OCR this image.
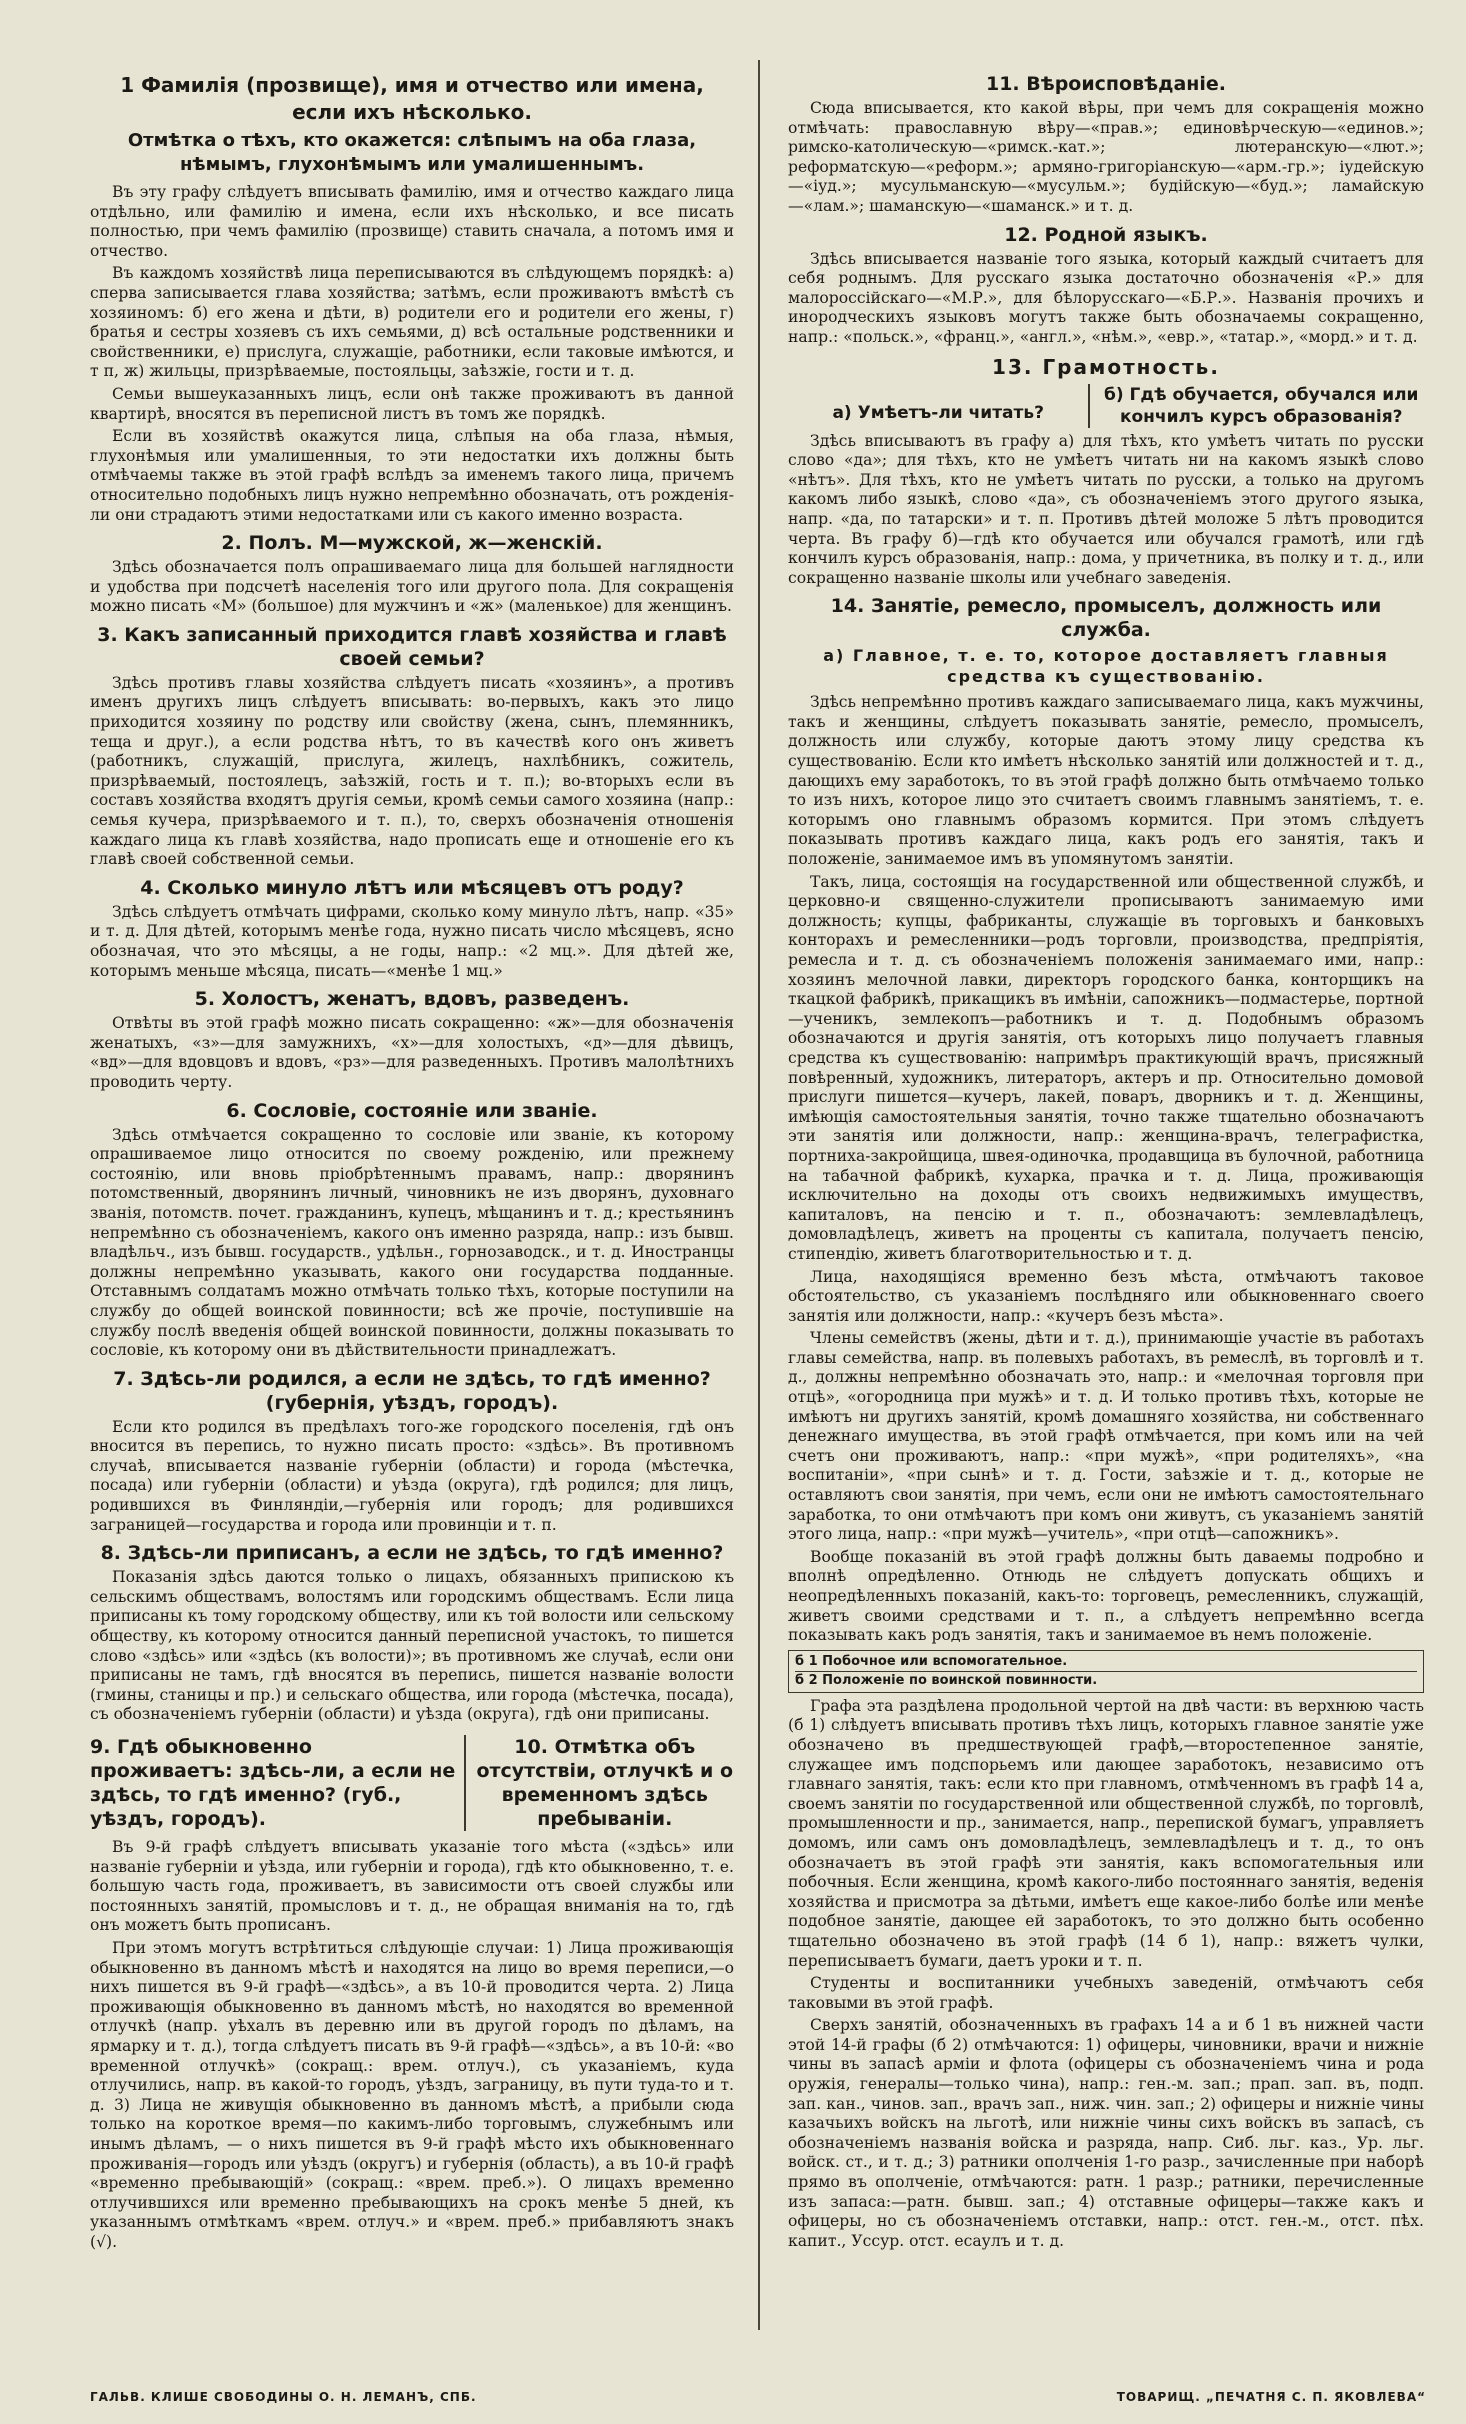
1 Фамилія (прозвище), имя и отчество или имена, если ихъ нѣсколько.
Отмѣтка о тѣхъ, кто окажется: слѣпымъ на оба глаза, нѣмымъ, глухонѣмымъ или умалишеннымъ.

Въ эту графу слѣдуетъ вписывать фамилію, имя и отчество каждаго лица отдѣльно, или фамилію и имена, если ихъ нѣсколько, и все писать полностью, при чемъ фамилію (прозвище) ставить сначала, а потомъ имя и отчество.

Въ каждомъ хозяйствѣ лица переписываются въ слѣдующемъ порядкѣ: а) сперва записывается глава хозяйства; затѣмъ, если проживаютъ вмѣстѣ съ хозяиномъ: б) его жена и дѣти, в) родители его и родители его жены, г) братья и сестры хозяевъ съ ихъ семьями, д) всѣ остальные родственники и свойственники, е) прислуга, служащіе, работники, если таковые имѣются, и т п, ж) жильцы, призрѣваемые, постояльцы, заѣзжіе, гости и т. д.

Семьи вышеуказанныхъ лицъ, если онѣ также проживаютъ въ данной квартирѣ, вносятся въ переписной листъ въ томъ же порядкѣ.

Если въ хозяйствѣ окажутся лица, слѣпыя на оба глаза, нѣмыя, глухонѣмыя или умалишенныя, то эти недостатки ихъ должны быть отмѣчаемы также въ этой графѣ вслѣдъ за именемъ такого лица, причемъ относительно подобныхъ лицъ нужно непремѣнно обозначать, отъ рожденія-ли они страдаютъ этими недостатками или съ какого именно возраста.

2. Полъ. М—мужской, ж—женскій.

Здѣсь обозначается полъ опрашиваемаго лица для большей наглядности и удобства при подсчетѣ населенія того или другого пола. Для сокращенія можно писать «М» (большое) для мужчинъ и «ж» (маленькое) для женщинъ.

3. Какъ записанный приходится главѣ хозяйства и главѣ своей семьи?

Здѣсь противъ главы хозяйства слѣдуетъ писать «хозяинъ», а противъ именъ другихъ лицъ слѣдуетъ вписывать: во-первыхъ, какъ это лицо приходится хозяину по родству или свойству (жена, сынъ, племянникъ, теща и друг.), а если родства нѣтъ, то въ качествѣ кого онъ живетъ (работникъ, служащій, прислуга, жилецъ, нахлѣбникъ, сожитель, призрѣваемый, постоялецъ, заѣзжій, гость и т. п.); во-вторыхъ если въ составъ хозяйства входятъ другія семьи, кромѣ семьи самого хозяина (напр.: семья кучера, призрѣваемого и т. п.), то, сверхъ обозначенія отношенія каждаго лица къ главѣ хозяйства, надо прописать еще и отношеніе его къ главѣ своей собственной семьи.

4. Сколько минуло лѣтъ или мѣсяцевъ отъ роду?

Здѣсь слѣдуетъ отмѣчать цифрами, сколько кому минуло лѣтъ, напр. «35» и т. д. Для дѣтей, которымъ менѣе года, нужно писать число мѣсяцевъ, ясно обозначая, что это мѣсяцы, а не годы, напр.: «2 мц.». Для дѣтей же, которымъ меньше мѣсяца, писать—«менѣе 1 мц.»

5. Холостъ, женатъ, вдовъ, разведенъ.

Отвѣты въ этой графѣ можно писать сокращенно: «ж»—для обозначенія женатыхъ, «з»—для замужнихъ, «х»—для холостыхъ, «д»—для дѣвицъ, «вд»—для вдовцовъ и вдовъ, «рз»—для разведенныхъ. Противъ малолѣтнихъ проводить черту.

6. Сословіе, состояніе или званіе.

Здѣсь отмѣчается сокращенно то сословіе или званіе, къ которому опрашиваемое лицо относится по своему рожденію, или прежнему состоянію, или вновь пріобрѣтеннымъ правамъ, напр.: дворянинъ потомственный, дворянинъ личный, чиновникъ не изъ дворянъ, духовнаго званія, потомств. почет. гражданинъ, купецъ, мѣщанинъ и т. д.; крестьянинъ непремѣнно съ обозначеніемъ, какого онъ именно разряда, напр.: изъ бывш. владѣльч., изъ бывш. государств., удѣльн., горнозаводск., и т. д. Иностранцы должны непремѣнно указывать, какого они государства подданные. Отставнымъ солдатамъ можно отмѣчать только тѣхъ, которые поступили на службу до общей воинской повинности; всѣ же прочіе, поступившіе на службу послѣ введенія общей воинской повинности, должны показывать то сословіе, къ которому они въ дѣйствительности принадлежатъ.

7. Здѣсь-ли родился, а если не здѣсь, то гдѣ именно? (губернія, уѣздъ, городъ).

Если кто родился въ предѣлахъ того-же городского поселенія, гдѣ онъ вносится въ перепись, то нужно писать просто: «здѣсь». Въ противномъ случаѣ, вписывается названіе губерніи (области) и города (мѣстечка, посада) или губерніи (области) и уѣзда (округа), гдѣ родился; для лицъ, родившихся въ Финляндіи,—губернія или городъ; для родившихся заграницей—государства и города или провинціи и т. п.

8. Здѣсь-ли приписанъ, а если не здѣсь, то гдѣ именно?

Показанія здѣсь даются только о лицахъ, обязанныхъ припискою къ сельскимъ обществамъ, волостямъ или городскимъ обществамъ. Если лица приписаны къ тому городскому обществу, или къ той волости или сельскому обществу, къ которому относится данный переписной участокъ, то пишется слово «здѣсь» или «здѣсь (къ волости)»; въ противномъ же случаѣ, если они приписаны не тамъ, гдѣ вносятся въ перепись, пишется названіе волости (гмины, станицы и пр.) и сельскаго общества, или города (мѣстечка, посада), съ обозначеніемъ губерніи (области) и уѣзда (округа), гдѣ они приписаны.

9. Гдѣ обыкновенно проживаетъ: здѣсь-ли, а если не здѣсь, то гдѣ именно? (губ., уѣздъ, городъ).
10. Отмѣтка объ отсутствіи, отлучкѣ и о временномъ здѣсь пребываніи.

Въ 9-й графѣ слѣдуетъ вписывать указаніе того мѣста («здѣсь» или названіе губерніи и уѣзда, или губерніи и города), гдѣ кто обыкновенно, т. е. большую часть года, проживаетъ, въ зависимости отъ своей службы или постоянныхъ занятій, промысловъ и т. д., не обращая вниманія на то, гдѣ онъ можетъ быть прописанъ.

При этомъ могутъ встрѣтиться слѣдующіе случаи: 1) Лица проживающія обыкновенно въ данномъ мѣстѣ и находятся на лицо во время переписи,—о нихъ пишется въ 9-й графѣ—«здѣсь», а въ 10-й проводится черта. 2) Лица проживающія обыкновенно въ данномъ мѣстѣ, но находятся во временной отлучкѣ (напр. уѣхалъ въ деревню или въ другой городъ по дѣламъ, на ярмарку и т. д.), тогда слѣдуетъ писать въ 9-й графѣ—«здѣсь», а въ 10-й: «во временной отлучкѣ» (сокращ.: врем. отлуч.), съ указаніемъ, куда отлучились, напр. въ какой-то городъ, уѣздъ, заграницу, въ пути туда-то и т. д. 3) Лица не живущія обыкновенно въ данномъ мѣстѣ, а прибыли сюда только на короткое время—по какимъ-либо торговымъ, служебнымъ или инымъ дѣламъ, — о нихъ пишется въ 9-й графѣ мѣсто ихъ обыкновеннаго проживанія—городъ или уѣздъ (округъ) и губернія (область), а въ 10-й графѣ «временно пребывающій» (сокращ.: «врем. преб.»). О лицахъ временно отлучившихся или временно пребывающихъ на срокъ менѣе 5 дней, къ указаннымъ отмѣткамъ «врем. отлуч.» и «врем. преб.» прибавляютъ знакъ (√).

11. Вѣроисповѣданіе.

Сюда вписывается, кто какой вѣры, при чемъ для сокращенія можно отмѣчать: православную вѣру—«прав.»; единовѣрческую—«единов.»; римско-католическую—«римск.-кат.»; лютеранскую—«лют.»; реформатскую—«реформ.»; армяно-григоріанскую—«арм.-гр.»; іудейскую—«іуд.»; мусульманскую—«мусульм.»; будійскую—«буд.»; ламайскую—«лам.»; шаманскую—«шаманск.» и т. д.

12. Родной языкъ.

Здѣсь вписывается названіе того языка, который каждый считаетъ для себя роднымъ. Для русскаго языка достаточно обозначенія «Р.» для малороссійскаго—«М.Р.», для бѣлорусскаго—«Б.Р.». Названія прочихъ и инородческихъ языковъ могутъ также быть обозначаемы сокращенно, напр.: «польск.», «франц.», «англ.», «нѣм.», «евр.», «татар.», «морд.» и т. д.

13. Грамотность.
а) Умѣетъ-ли читать?
б) Гдѣ обучается, обучался или кончилъ курсъ образованія?

Здѣсь вписываютъ въ графу а) для тѣхъ, кто умѣетъ читать по русски слово «да»; для тѣхъ, кто не умѣетъ читать ни на какомъ языкѣ слово «нѣтъ». Для тѣхъ, кто не умѣетъ читать по русски, а только на другомъ какомъ либо языкѣ, слово «да», съ обозначеніемъ этого другого языка, напр. «да, по татарски» и т. п. Противъ дѣтей моложе 5 лѣтъ проводится черта. Въ графу б)—гдѣ кто обучается или обучался грамотѣ, или гдѣ кончилъ курсъ образованія, напр.: дома, у причетника, въ полку и т. д., или сокращенно названіе школы или учебнаго заведенія.

14. Занятіе, ремесло, промыселъ, должность или служба.
а) Главное, т. е. то, которое доставляетъ главныя средства къ существованію.

Здѣсь непремѣнно противъ каждаго записываемаго лица, какъ мужчины, такъ и женщины, слѣдуетъ показывать занятіе, ремесло, промыселъ, должность или службу, которые даютъ этому лицу средства къ существованію. Если кто имѣетъ нѣсколько занятій или должностей и т. д., дающихъ ему заработокъ, то въ этой графѣ должно быть отмѣчаемо только то изъ нихъ, которое лицо это считаетъ своимъ главнымъ занятіемъ, т. е. которымъ оно главнымъ образомъ кормится. При этомъ слѣдуетъ показывать противъ каждаго лица, какъ родъ его занятія, такъ и положеніе, занимаемое имъ въ упомянутомъ занятіи.

Такъ, лица, состоящія на государственной или общественной службѣ, и церковно-и священно-служители прописываютъ занимаемую ими должность; купцы, фабриканты, служащіе въ торговыхъ и банковыхъ конторахъ и ремесленники—родъ торговли, производства, предпріятія, ремесла и т. д. съ обозначеніемъ положенія занимаемаго ими, напр.: хозяинъ мелочной лавки, директоръ городского банка, конторщикъ на ткацкой фабрикѣ, прикащикъ въ имѣніи, сапожникъ—подмастерье, портной—ученикъ, землекопъ—работникъ и т. д. Подобнымъ образомъ обозначаются и другія занятія, отъ которыхъ лицо получаетъ главныя средства къ существованію: напримѣръ практикующій врачъ, присяжный повѣренный, художникъ, литераторъ, актеръ и пр. Относительно домовой прислуги пишется—кучеръ, лакей, поваръ, дворникъ и т. д. Женщины, имѣющія самостоятельныя занятія, точно также тщательно обозначаютъ эти занятія или должности, напр.: женщина-врачъ, телеграфистка, портниха-закройщица, швея-одиночка, продавщица въ булочной, работница на табачной фабрикѣ, кухарка, прачка и т. д. Лица, проживающія исключительно на доходы отъ своихъ недвижимыхъ имуществъ, капиталовъ, на пенсію и т. п., обозначаютъ: землевладѣлецъ, домовладѣлецъ, живетъ на проценты съ капитала, получаетъ пенсію, стипендію, живетъ благотворительностью и т. д.

Лица, находящіяся временно безъ мѣста, отмѣчаютъ таковое обстоятельство, съ указаніемъ послѣдняго или обыкновеннаго своего занятія или должности, напр.: «кучеръ безъ мѣста».

Члены семействъ (жены, дѣти и т. д.), принимающіе участіе въ работахъ главы семейства, напр. въ полевыхъ работахъ, въ ремеслѣ, въ торговлѣ и т. д., должны непремѣнно обозначать это, напр.: и «мелочная торговля при отцѣ», «огородница при мужѣ» и т. д. И только противъ тѣхъ, которые не имѣютъ ни другихъ занятій, кромѣ домашняго хозяйства, ни собственнаго денежнаго имущества, въ этой графѣ отмѣчается, при комъ или на чей счетъ они проживаютъ, напр.: «при мужѣ», «при родителяхъ», «на воспитаніи», «при сынѣ» и т. д. Гости, заѣзжіе и т. д., которые не оставляютъ свои занятія, при чемъ, если они не имѣютъ самостоятельнаго заработка, то они отмѣчаютъ при комъ они живутъ, съ указаніемъ занятій этого лица, напр.: «при мужѣ—учитель», «при отцѣ—сапожникъ».

Вообще показаній въ этой графѣ должны быть даваемы подробно и вполнѣ опредѣленно. Отнюдь не слѣдуетъ допускать общихъ и неопредѣленныхъ показаній, какъ-то: торговецъ, ремесленникъ, служащій, живетъ своими средствами и т. п., а слѣдуетъ непремѣнно всегда показывать какъ родъ занятія, такъ и занимаемое въ немъ положеніе.

б 1 Побочное или вспомогательное.
б 2 Положеніе по воинской повинности.

Графа эта раздѣлена продольной чертой на двѣ части: въ верхнюю часть (б 1) слѣдуетъ вписывать противъ тѣхъ лицъ, которыхъ главное занятіе уже обозначено въ предшествующей графѣ,—второстепенное занятіе, служащее имъ подспорьемъ или дающее заработокъ, независимо отъ главнаго занятія, такъ: если кто при главномъ, отмѣченномъ въ графѣ 14 а, своемъ занятіи по государственной или общественной службѣ, по торговлѣ, промышленности и пр., занимается, напр., перепиской бумагъ, управляетъ домомъ, или самъ онъ домовладѣлецъ, землевладѣлецъ и т. д., то онъ обозначаетъ въ этой графѣ эти занятія, какъ вспомогательныя или побочныя. Если женщина, кромѣ какого-либо постояннаго занятія, веденія хозяйства и присмотра за дѣтьми, имѣетъ еще какое-либо болѣе или менѣе подобное занятіе, дающее ей заработокъ, то это должно быть особенно тщательно обозначено въ этой графѣ (14 б 1), напр.: вяжетъ чулки, переписываетъ бумаги, даетъ уроки и т. п.

Студенты и воспитанники учебныхъ заведеній, отмѣчаютъ себя таковыми въ этой графѣ.

Сверхъ занятій, обозначенныхъ въ графахъ 14 а и б 1 въ нижней части этой 14-й графы (б 2) отмѣчаются: 1) офицеры, чиновники, врачи и нижніе чины въ запасѣ арміи и флота (офицеры съ обозначеніемъ чина и рода оружія, генералы—только чина), напр.: ген.-м. зап.; прап. зап. въ, подп. зап. кан., чинов. зап., врачъ зап., ниж. чин. зап.; 2) офицеры и нижніе чины казачьихъ войскъ на льготѣ, или нижніе чины сихъ войскъ въ запасѣ, съ обозначеніемъ названія войска и разряда, напр. Сиб. льг. каз., Ур. льг. войск. ст., и т. д.; 3) ратники ополченія 1-го разр., зачисленные при наборѣ прямо въ ополченіе, отмѣчаются: ратн. 1 разр.; ратники, перечисленные изъ запаса:—ратн. бывш. зап.; 4) отставные офицеры—также какъ и офицеры, но съ обозначеніемъ отставки, напр.: отст. ген.-м., отст. пѣх. капит., Уссур. отст. есаулъ и т. д.

ГАЛЬВ. КЛИШЕ СВОБОДИНЫ О. Н. ЛЕМАНЪ, СПБ.	ТОВАРИЩ. „ПЕЧАТНЯ С. П. ЯКОВЛЕВА“
